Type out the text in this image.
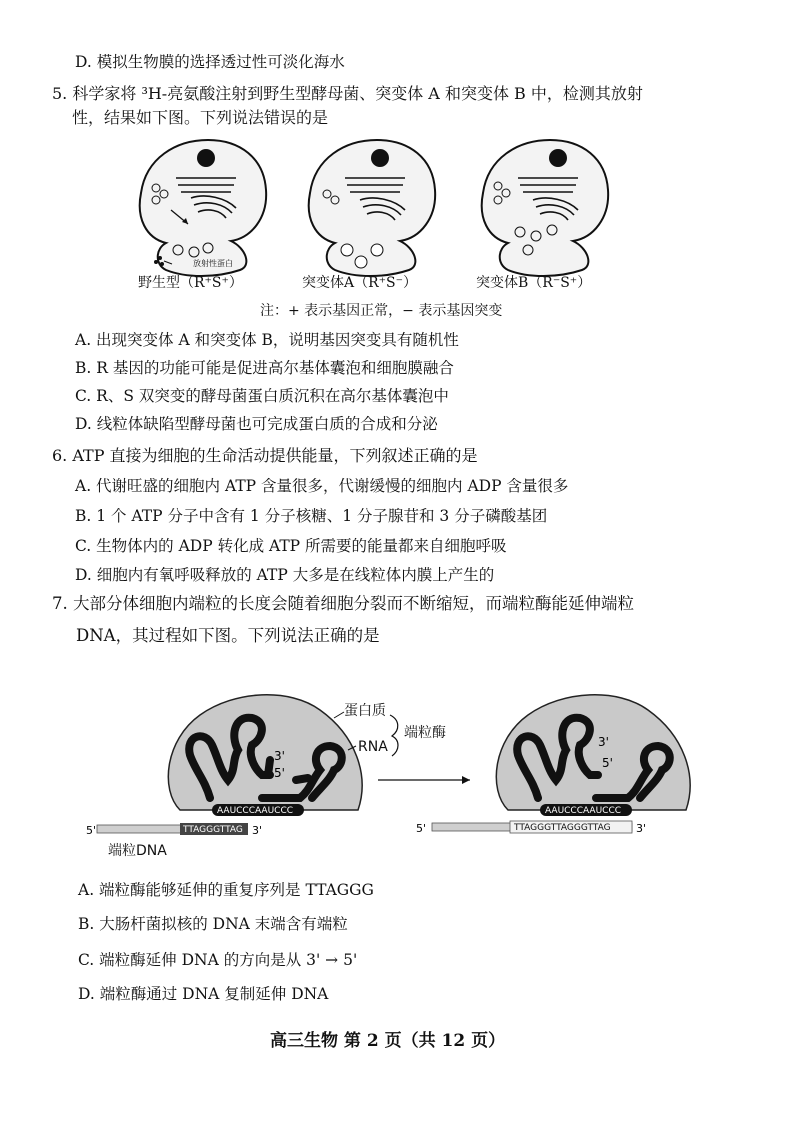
D. 模拟生物膜的选择透过性可淡化海水
5. 科学家将 ³H-亮氨酸注射到野生型酵母菌、突变体 A 和突变体 B 中，检测其放射
性，结果如下图。下列说法错误的是
放射性蛋白
野生型（R⁺S⁺）	突变体A（R⁺S⁻）	突变体B（R⁻S⁺）
注：+ 表示基因正常，− 表示基因突变
A. 出现突变体 A 和突变体 B，说明基因突变具有随机性
B. R 基因的功能可能是促进高尔基体囊泡和细胞膜融合
C. R、S 双突变的酵母菌蛋白质沉积在高尔基体囊泡中
D. 线粒体缺陷型酵母菌也可完成蛋白质的合成和分泌
6. ATP 直接为细胞的生命活动提供能量，下列叙述正确的是
A. 代谢旺盛的细胞内 ATP 含量很多，代谢缓慢的细胞内 ADP 含量很多
B. 1 个 ATP 分子中含有 1 分子核糖、1 分子腺苷和 3 分子磷酸基团
C. 生物体内的 ADP 转化成 ATP 所需要的能量都来自细胞呼吸
D. 细胞内有氧呼吸释放的 ATP 大多是在线粒体内膜上产生的
7. 大部分体细胞内端粒的长度会随着细胞分裂而不断缩短，而端粒酶能延伸端粒
DNA，其过程如下图。下列说法正确的是
AAUCCCAAUCCC
TTAGGGTTAG
5'	3'
3'
5'
AAUCCCAAUCCC
TTAGGGTTAGGGTTAG
5'	3'
3'
5'
蛋白质
RNA
端粒酶
端粒DNA
A. 端粒酶能够延伸的重复序列是 TTAGGG
B. 大肠杆菌拟核的 DNA 末端含有端粒
C. 端粒酶延伸 DNA 的方向是从 3' → 5'
D. 端粒酶通过 DNA 复制延伸 DNA
高三生物 第 2 页（共 12 页）
